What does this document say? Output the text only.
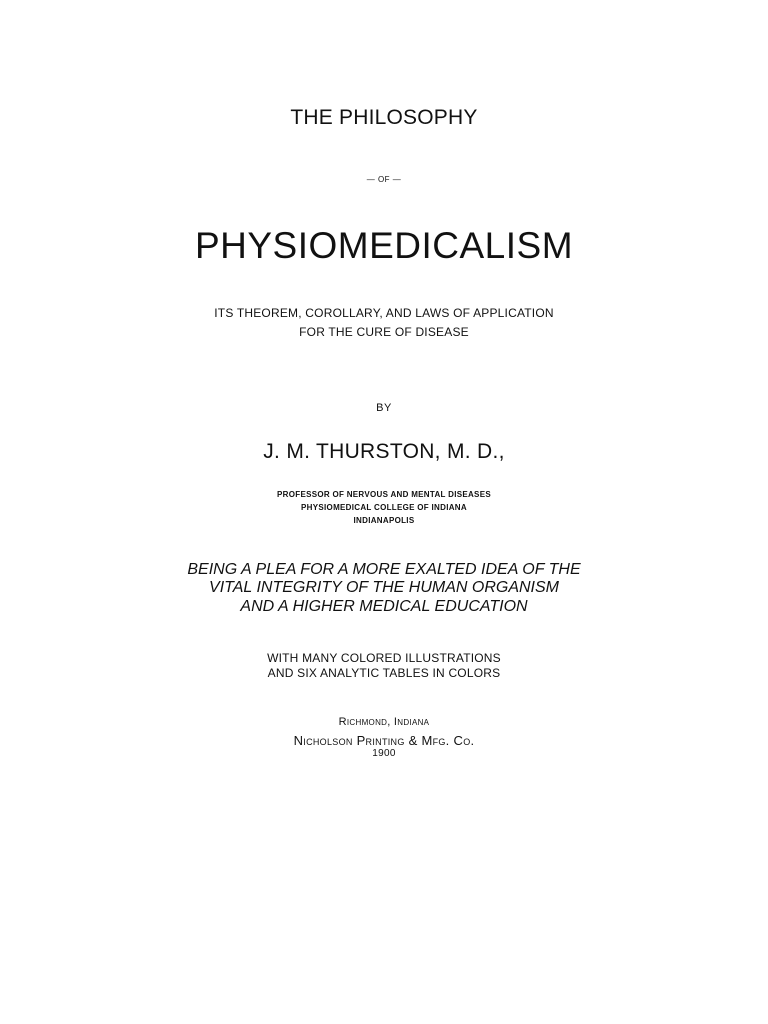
THE PHILOSOPHY
— OF —
PHYSIOMEDICALISM
ITS THEOREM, COROLLARY, AND LAWS OF APPLICATION
FOR THE CURE OF DISEASE
BY
J. M. THURSTON, M. D.,
PROFESSOR OF NERVOUS AND MENTAL DISEASES
PHYSIOMEDICAL COLLEGE OF INDIANA
INDIANAPOLIS
BEING A PLEA FOR A MORE EXALTED IDEA OF THE
VITAL INTEGRITY OF THE HUMAN ORGANISM
AND A HIGHER MEDICAL EDUCATION
WITH MANY COLORED ILLUSTRATIONS
AND SIX ANALYTIC TABLES IN COLORS
Richmond, Indiana
Nicholson Printing & Mfg. Co.
1900
